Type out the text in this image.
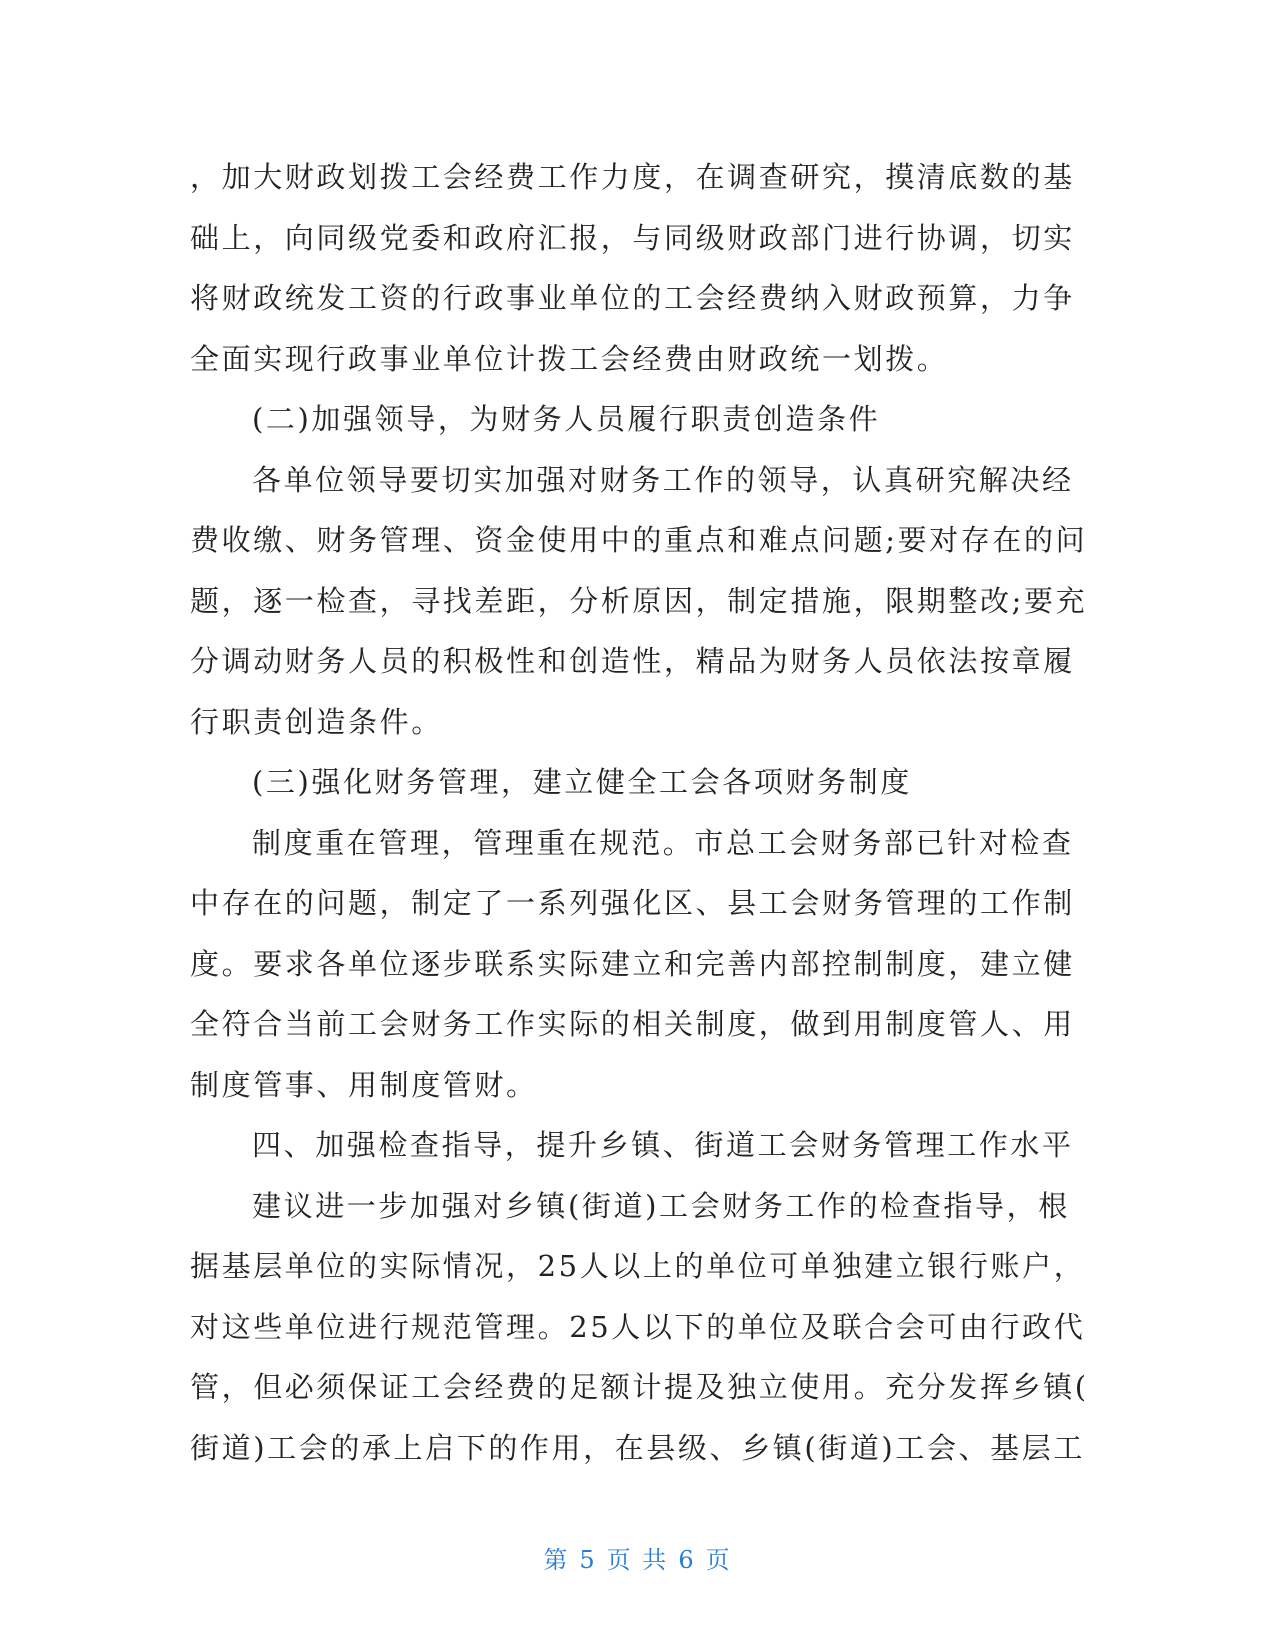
，加大财政划拨工会经费工作力度，在调查研究，摸清底数的基
础上，向同级党委和政府汇报，与同级财政部门进行协调，切实
将财政统发工资的行政事业单位的工会经费纳入财政预算，力争
全面实现行政事业单位计拨工会经费由财政统一划拨。
(二)加强领导，为财务人员履行职责创造条件
各单位领导要切实加强对财务工作的领导，认真研究解决经
费收缴、财务管理、资金使用中的重点和难点问题;要对存在的问
题，逐一检查，寻找差距，分析原因，制定措施，限期整改;要充
分调动财务人员的积极性和创造性，精品为财务人员依法按章履
行职责创造条件。
(三)强化财务管理，建立健全工会各项财务制度
制度重在管理，管理重在规范。市总工会财务部已针对检查
中存在的问题，制定了一系列强化区、县工会财务管理的工作制
度。要求各单位逐步联系实际建立和完善内部控制制度，建立健
全符合当前工会财务工作实际的相关制度，做到用制度管人、用
制度管事、用制度管财。
四、加强检查指导，提升乡镇、街道工会财务管理工作水平
建议进一步加强对乡镇(街道)工会财务工作的检查指导，根
据基层单位的实际情况，25人以上的单位可单独建立银行账户，
对这些单位进行规范管理。25人以下的单位及联合会可由行政代
管，但必须保证工会经费的足额计提及独立使用。充分发挥乡镇(
街道)工会的承上启下的作用，在县级、乡镇(街道)工会、基层工
第 5 页 共 6 页
